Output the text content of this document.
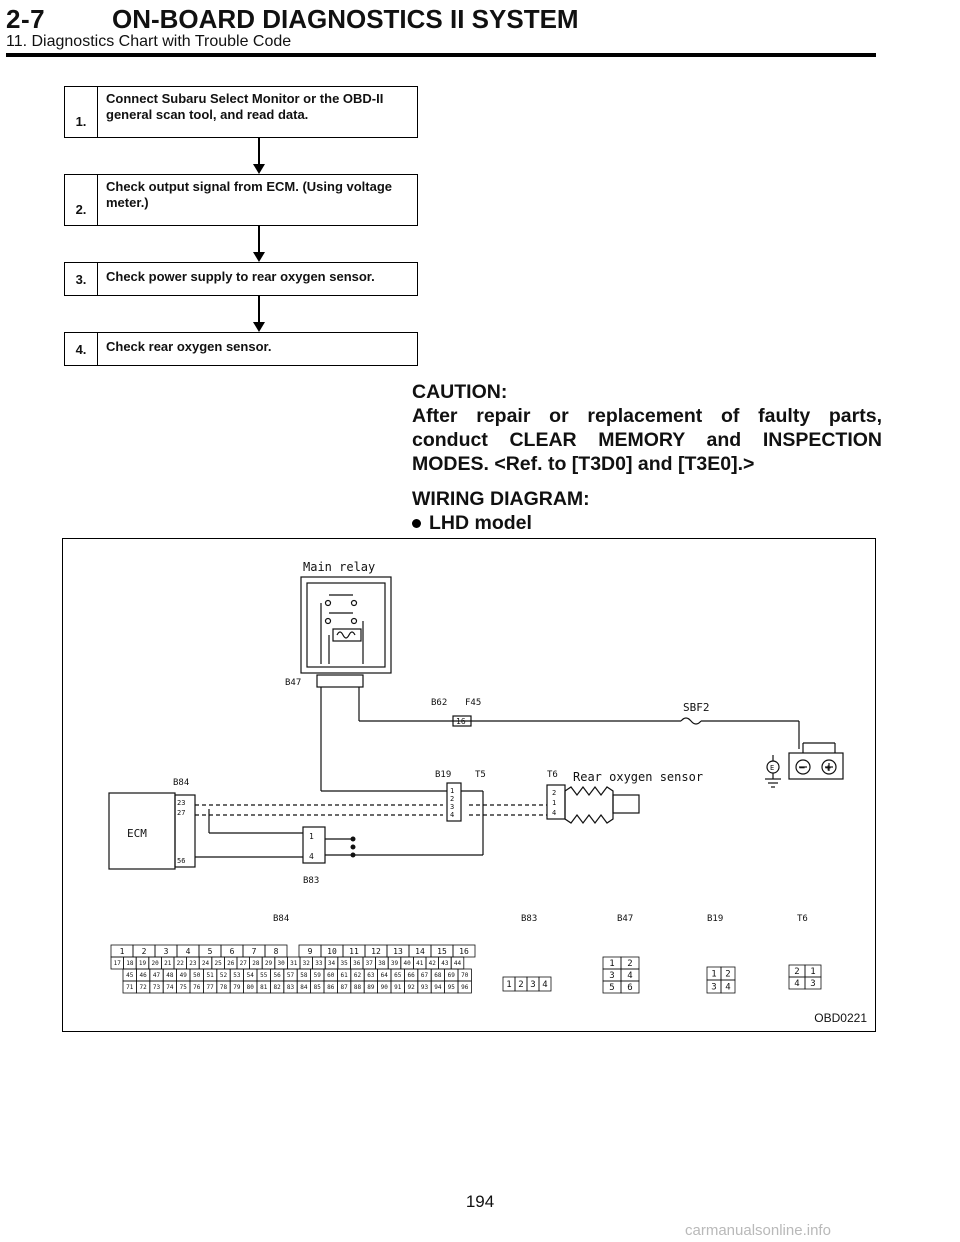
2-7	ON-BOARD DIAGNOSTICS II SYSTEM
11. Diagnostics Chart with Trouble Code
1.
Connect Subaru Select Monitor or the OBD-II general scan tool, and read data.
2.
Check output signal from ECM. (Using voltage meter.)
3.	Check power supply to rear oxygen sensor.
4.	Check rear oxygen sensor.
CAUTION:
After repair or replacement of faulty parts, conduct CLEAR MEMORY and INSPECTION MODES. <Ref. to [T3D0] and [T3E0].>
WIRING DIAGRAM:
LHD model
Main relay
B47
B62 F45
16
SBF2
B84
B19	T5	T6 Rear oxygen sensor
ECM
23
27
56
1
2
3
4
2
1
4
1
4
B83
− +
E
B84
1 2 3 4 5 6 7 8	9 10 11 12 13 14 15 16
17 18 19 20 21 22 23 24 25 26 27 28 29 30 31 32 33 34 35 36 37 38 39 40 41 42 43 44
45 46 47 48 49 50 51 52 53 54 55 56 57 58 59 60 61 62 63 64 65 66 67 68 69 70
71 72 73 74 75 76 77 78 79 80 81 82 83 84 85 86 87 88 89 90 91 92 93 94 95 96
B83
1 2 3 4
B47
1 2
3 4
5 6
B19
1 2
3 4
T6
2 1
4 3
OBD0221
194
carmanualsonline.info
